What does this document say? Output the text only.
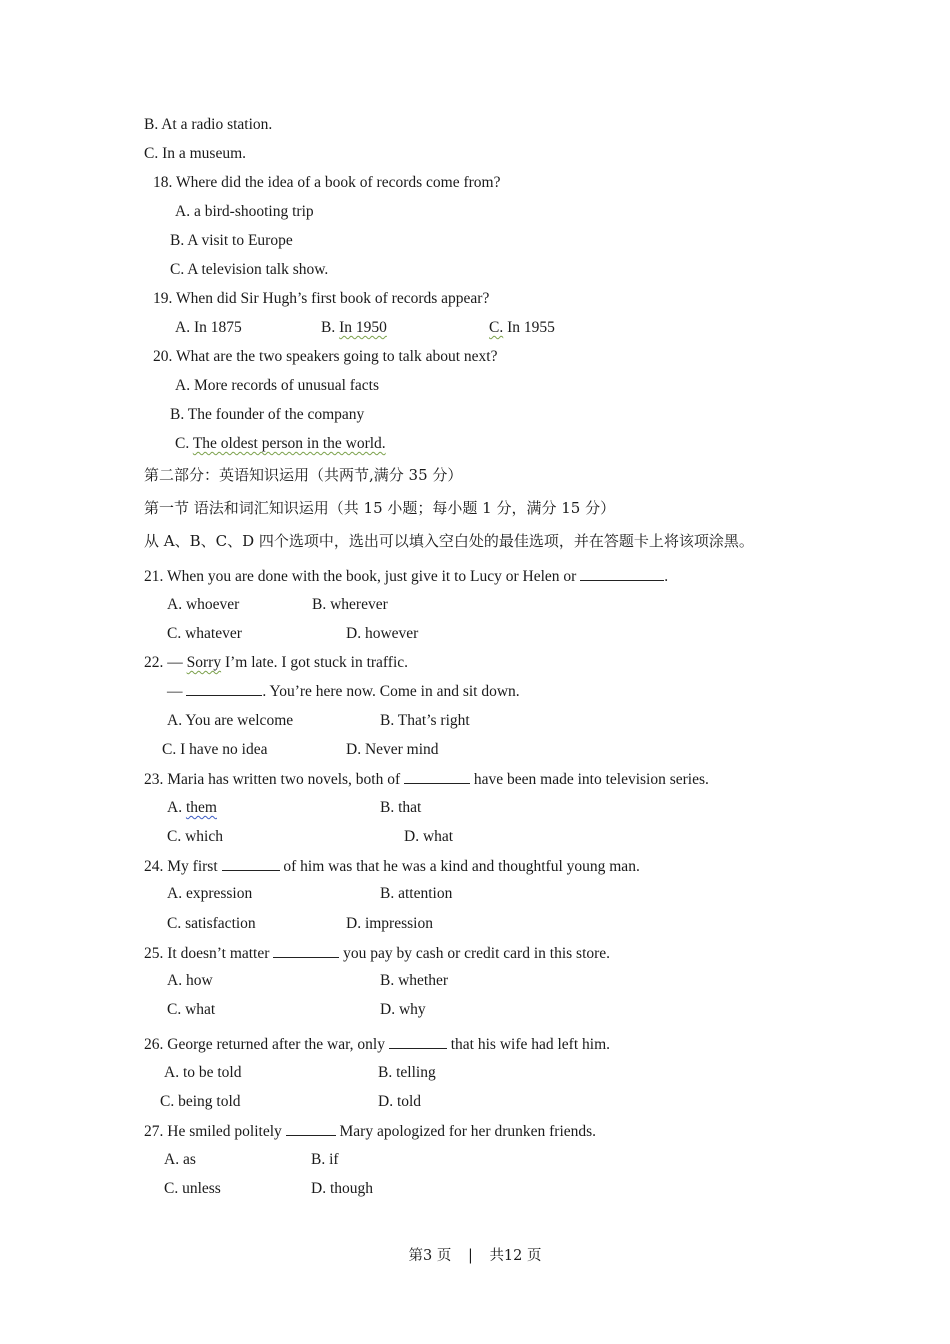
B. At a radio station.
C. In a museum.
18. Where did the idea of a book of records come from?
A. a bird-shooting trip
B. A visit to Europe
C. A television talk show.
19. When did Sir Hugh’s first book of records appear?
A. In 1875	B. In 1950	C. In 1955
20. What are the two speakers going to talk about next?
A. More records of unusual facts
B. The founder of the company
C. The oldest person in the world.
第二部分：英语知识运用（共两节,满分 35 分）
第一节 语法和词汇知识运用（共 15 小题；每小题 1 分，满分 15 分）
从 A、B、C、D 四个选项中，选出可以填入空白处的最佳选项，并在答题卡上将该项涂黑。
21. When you are done with the book, just give it to Lucy or Helen or	.
A. whoever	B. wherever
C. whatever	D. however
22. — Sorry I’m late. I got stuck in traffic.
—	. You’re here now. Come in and sit down.
A. You are welcome	B. That’s right
C. I have no idea	D. Never mind
23. Maria has written two novels, both of	have been made into television series.
A. them	B. that
C. which	D. what
24. My first	of him was that he was a kind and thoughtful young man.
A. expression	B. attention
C. satisfaction	D. impression
25. It doesn’t matter	you pay by cash or credit card in this store.
A. how	B. whether
C. what	D. why
26. George returned after the war, only	that his wife had left him.
A. to be told	B. telling
C. being told	D. told
27. He smiled politely	Mary apologized for her drunken friends.
A. as	B. if
C. unless	D. though
第3 页 | 共12 页
